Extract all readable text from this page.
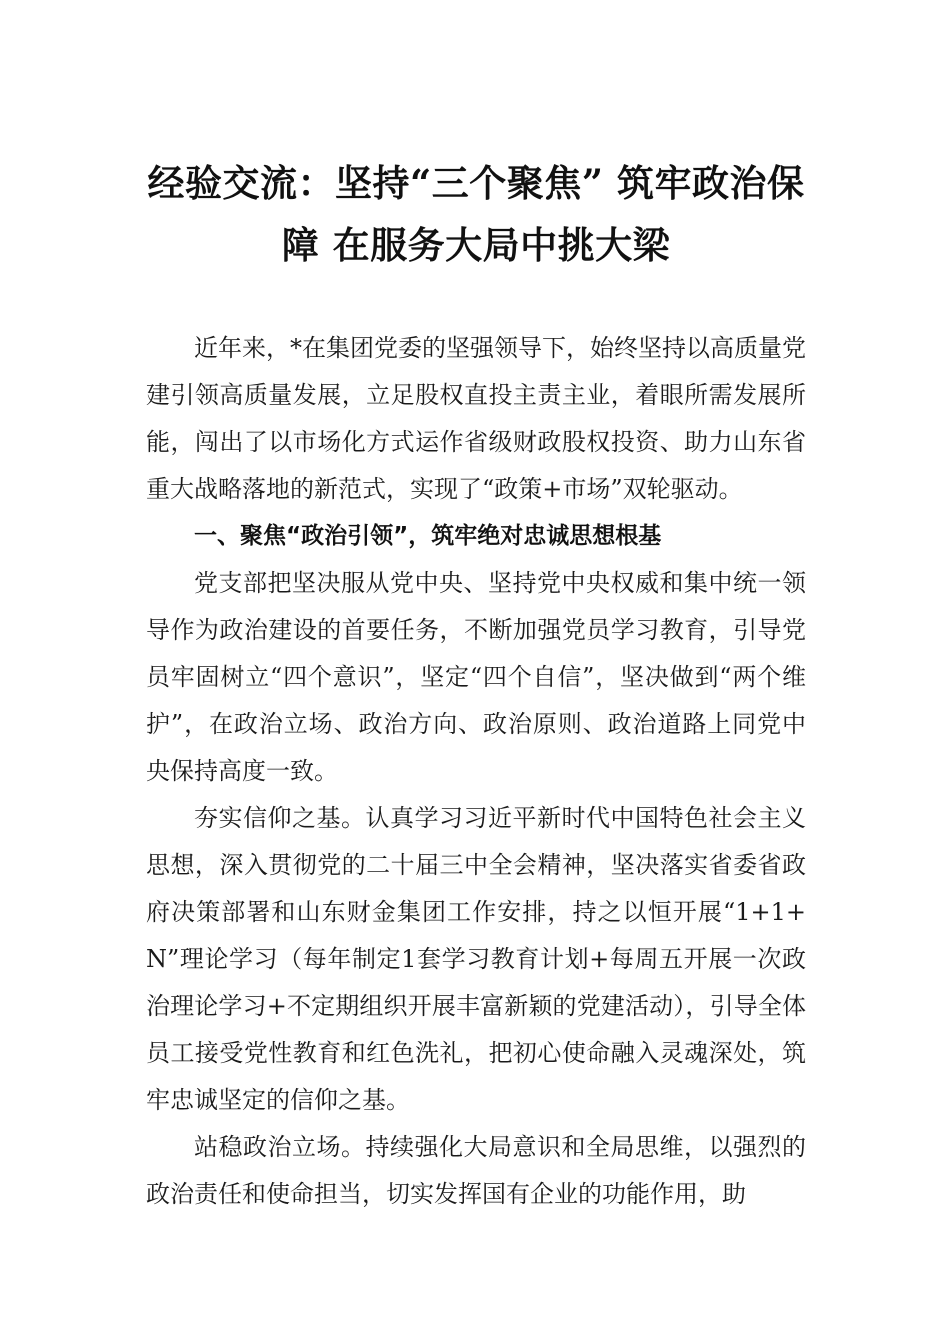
经验交流：坚持“三个聚焦” 筑牢政治保
障 在服务大局中挑大梁

近年来，*在集团党委的坚强领导下，始终坚持以高质量党建引领高质量发展，立足股权直投主责主业，着眼所需发展所能，闯出了以市场化方式运作省级财政股权投资、助力山东省重大战略落地的新范式，实现了“政策+市场”双轮驱动。

一、聚焦“政治引领”，筑牢绝对忠诚思想根基

党支部把坚决服从党中央、坚持党中央权威和集中统一领导作为政治建设的首要任务，不断加强党员学习教育，引导党员牢固树立“四个意识”，坚定“四个自信”，坚决做到“两个维护”，在政治立场、政治方向、政治原则、政治道路上同党中央保持高度一致。

夯实信仰之基。认真学习习近平新时代中国特色社会主义思想，深入贯彻党的二十届三中全会精神，坚决落实省委省政府决策部署和山东财金集团工作安排，持之以恒开展“1+1+N”理论学习（每年制定1套学习教育计划+每周五开展一次政治理论学习+不定期组织开展丰富新颖的党建活动），引导全体员工接受党性教育和红色洗礼，把初心使命融入灵魂深处，筑牢忠诚坚定的信仰之基。

站稳政治立场。持续强化大局意识和全局思维，以强烈的政治责任和使命担当，切实发挥国有企业的功能作用，助
